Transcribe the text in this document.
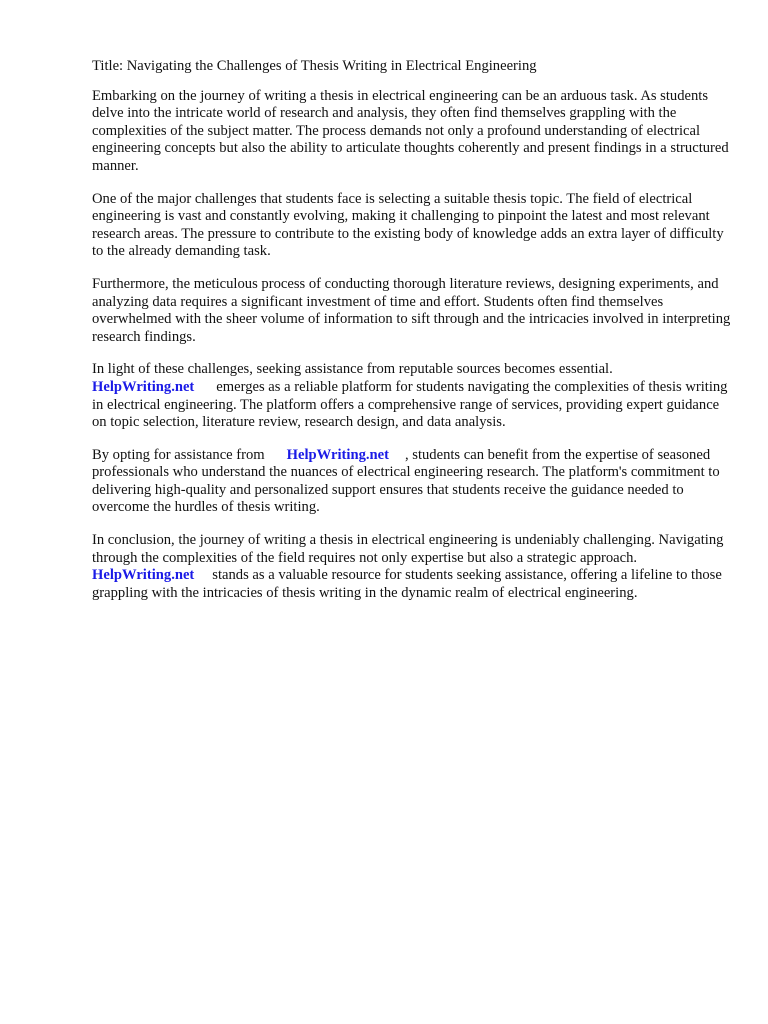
Title: Navigating the Challenges of Thesis Writing in Electrical Engineering

Embarking on the journey of writing a thesis in electrical engineering can be an arduous task. As students delve into the intricate world of research and analysis, they often find themselves grappling with the complexities of the subject matter. The process demands not only a profound understanding of electrical engineering concepts but also the ability to articulate thoughts coherently and present findings in a structured manner.

One of the major challenges that students face is selecting a suitable thesis topic. The field of electrical engineering is vast and constantly evolving, making it challenging to pinpoint the latest and most relevant research areas. The pressure to contribute to the existing body of knowledge adds an extra layer of difficulty to the already demanding task.

Furthermore, the meticulous process of conducting thorough literature reviews, designing experiments, and analyzing data requires a significant investment of time and effort. Students often find themselves overwhelmed with the sheer volume of information to sift through and the intricacies involved in interpreting research findings.

In light of these challenges, seeking assistance from reputable sources becomes essential.
HelpWriting.net emerges as a reliable platform for students navigating the complexities of thesis writing in electrical engineering. The platform offers a comprehensive range of services, providing expert guidance on topic selection, literature review, research design, and data analysis.

By opting for assistance from HelpWriting.net , students can benefit from the expertise of seasoned professionals who understand the nuances of electrical engineering research. The platform's commitment to delivering high-quality and personalized support ensures that students receive the guidance needed to overcome the hurdles of thesis writing.

In conclusion, the journey of writing a thesis in electrical engineering is undeniably challenging. Navigating through the complexities of the field requires not only expertise but also a strategic approach.HelpWriting.net stands as a valuable resource for students seeking assistance, offering a lifeline to those grappling with the intricacies of thesis writing in the dynamic realm of electrical engineering.
